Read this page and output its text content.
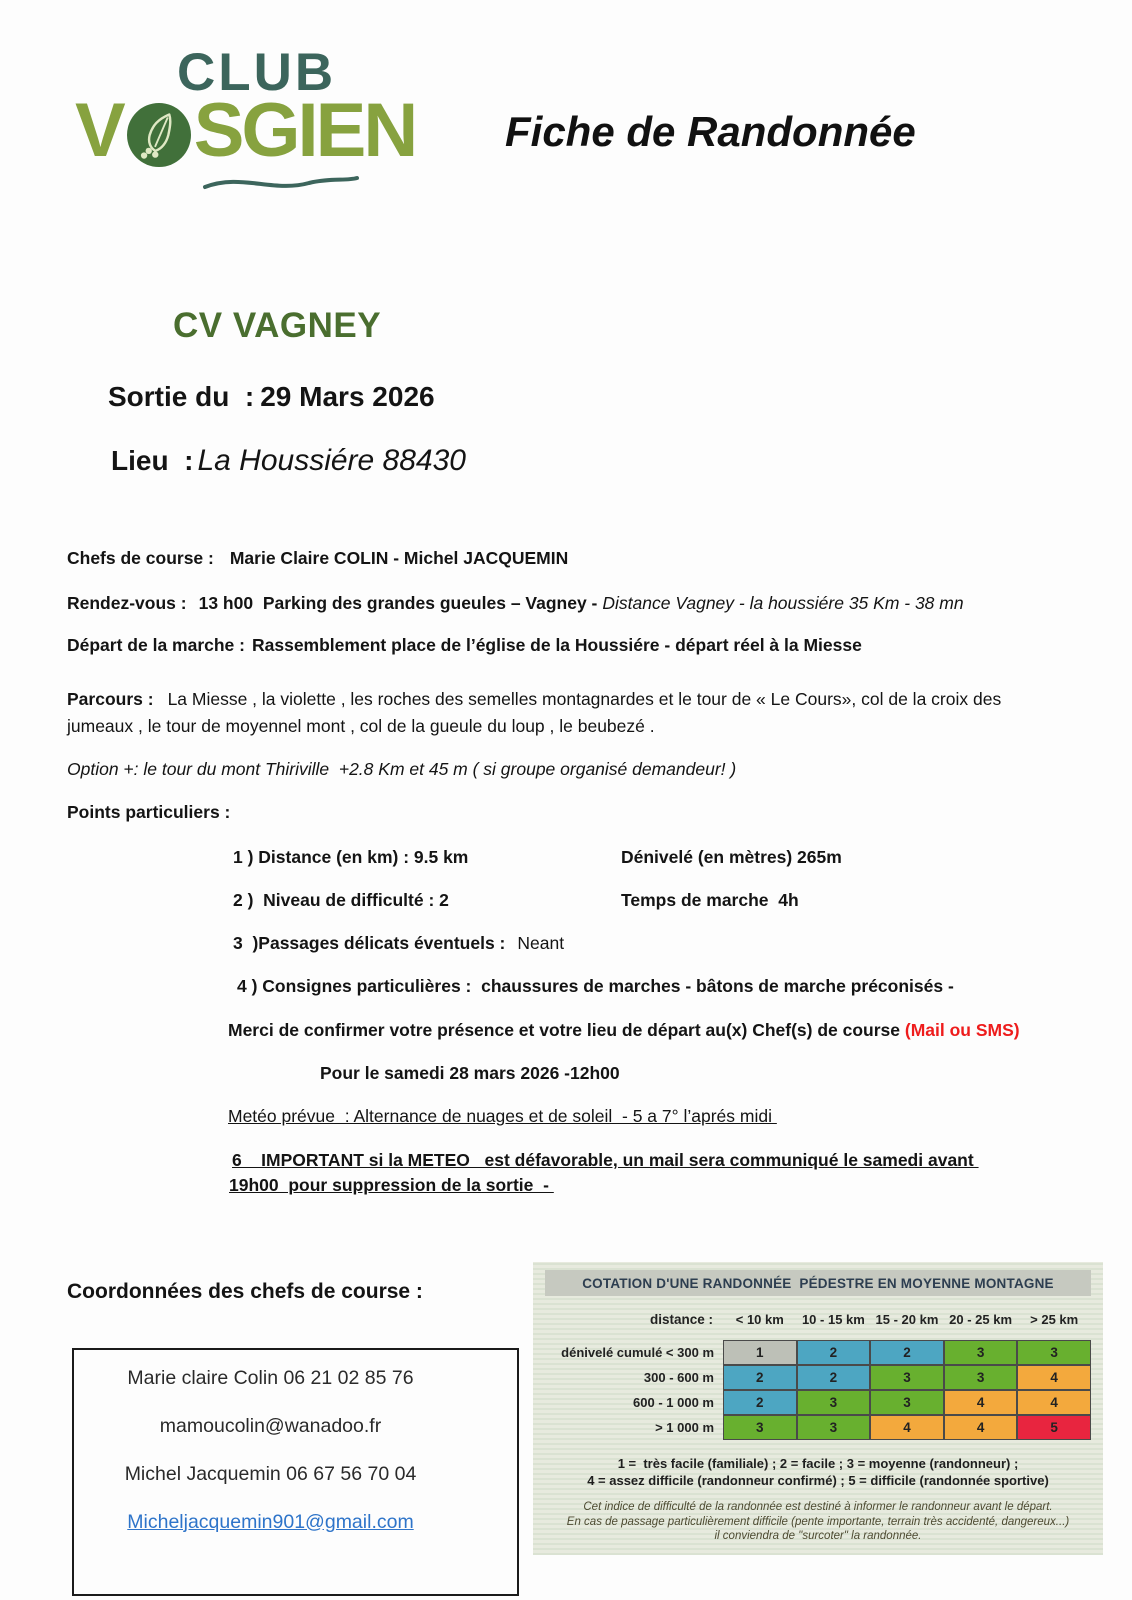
CLUB
V SGIEN Fiche de Randonnée
CV VAGNEY
Sortie du  : 29 Mars 2026
Lieu  : La Houssiére 88430
Chefs de course : Marie Claire COLIN - Michel JACQUEMIN
Rendez-vous : 13 h00  Parking des grandes gueules – Vagney - Distance Vagney - la houssiére 35 Km - 38 mn
Départ de la marche : Rassemblement place de l’église de la Houssiére - départ réel à la Miesse
Parcours : La Miesse , la violette , les roches des semelles montagnardes et le tour de « Le Cours», col de la croix des jumeaux , le tour de moyennel mont , col de la gueule du loup , le beubezé .
Option +: le tour du mont Thiriville  +2.8 Km et 45 m ( si groupe organisé demandeur! )
Points particuliers :
1 ) Distance (en km) : 9.5 km	Dénivelé (en mètres) 265m
2 )  Niveau de difficulté : 2	Temps de marche  4h
3  )Passages délicats éventuels : Neant
4 ) Consignes particulières :  chaussures de marches - bâtons de marche préconisés -
Merci de confirmer votre présence et votre lieu de départ au(x) Chef(s) de course (Mail ou SMS)
Pour le samedi 28 mars 2026 -12h00
Metéo prévue  : Alternance de nuages et de soleil  - 5 a 7° l’aprés midi
6    IMPORTANT si la METEO   est défavorable, un mail sera communiqué le samedi avant
19h00  pour suppression de la sortie  -
Coordonnées des chefs de course :
Marie claire Colin 06 21 02 85 76
mamoucolin@wanadoo.fr
Michel Jacquemin 06 67 56 70 04
Micheljacquemin901@gmail.com
COTATION D'UNE RANDONNÉE  PÉDESTRE EN MOYENNE MONTAGNE
distance :	< 10 km	10 - 15 km 15 - 20 km 20 - 25 km	> 25 km
dénivelé cumulé < 300 m	1	2	2	3	3
300 - 600 m	2	2	3	3	4
600 - 1 000 m	2	3	3	4	4
> 1 000 m	3	3	4	4	5
1 =  très facile (familiale) ; 2 = facile ; 3 = moyenne (randonneur) ;
4 = assez difficile (randonneur confirmé) ; 5 = difficile (randonnée sportive)
Cet indice de difficulté de la randonnée est destiné à informer le randonneur avant le départ.
En cas de passage particulièrement difficile (pente importante, terrain très accidenté, dangereux...)
il conviendra de "surcoter" la randonnée.
